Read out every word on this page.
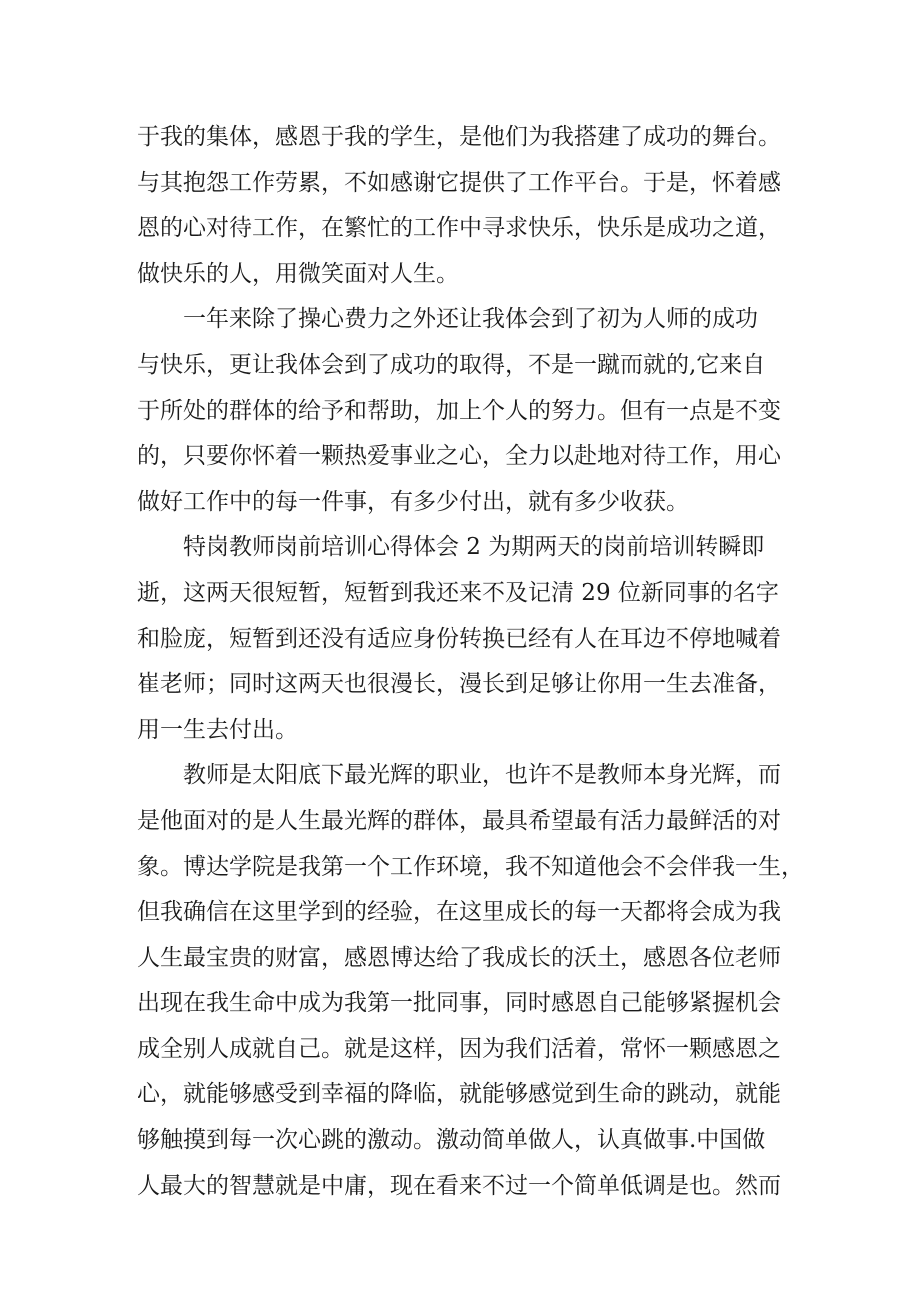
于我的集体，感恩于我的学生，是他们为我搭建了成功的舞台。
与其抱怨工作劳累，不如感谢它提供了工作平台。于是，怀着感
恩的心对待工作，在繁忙的工作中寻求快乐，快乐是成功之道，
做快乐的人，用微笑面对人生。
一年来除了操心费力之外还让我体会到了初为人师的成功
与快乐，更让我体会到了成功的取得，不是一蹴而就的,它来自
于所处的群体的给予和帮助，加上个人的努力。但有一点是不变
的，只要你怀着一颗热爱事业之心，全力以赴地对待工作，用心
做好工作中的每一件事，有多少付出，就有多少收获。
特岗教师岗前培训心得体会 2 为期两天的岗前培训转瞬即
逝，这两天很短暂，短暂到我还来不及记清 29 位新同事的名字
和脸庞，短暂到还没有适应身份转换已经有人在耳边不停地喊着
崔老师；同时这两天也很漫长，漫长到足够让你用一生去准备，
用一生去付出。
教师是太阳底下最光辉的职业，也许不是教师本身光辉，而
是他面对的是人生最光辉的群体，最具希望最有活力最鲜活的对
象。博达学院是我第一个工作环境，我不知道他会不会伴我一生，
但我确信在这里学到的经验，在这里成长的每一天都将会成为我
人生最宝贵的财富，感恩博达给了我成长的沃土，感恩各位老师
出现在我生命中成为我第一批同事，同时感恩自己能够紧握机会
成全别人成就自己。就是这样，因为我们活着，常怀一颗感恩之
心，就能够感受到幸福的降临，就能够感觉到生命的跳动，就能
够触摸到每一次心跳的激动。激动简单做人，认真做事.中国做
人最大的智慧就是中庸，现在看来不过一个简单低调是也。然而
